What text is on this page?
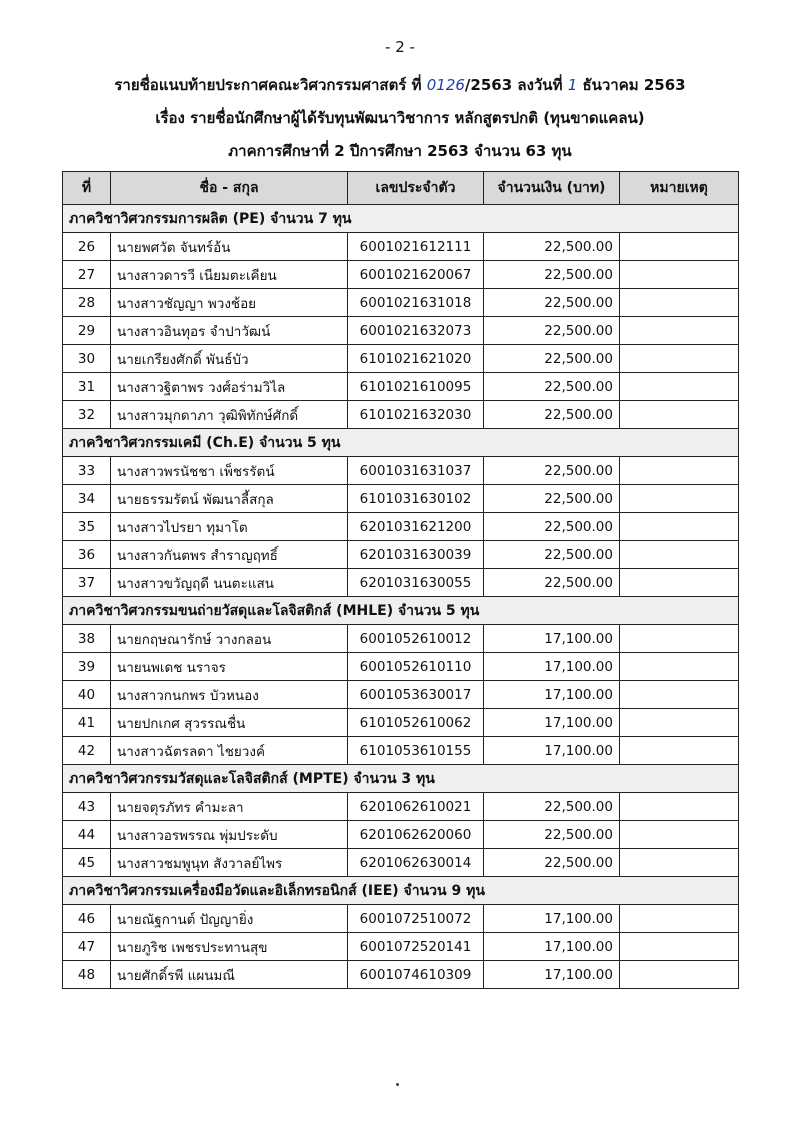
- 2 -
รายชื่อแนบท้ายประกาศคณะวิศวกรรมศาสตร์ ที่ 0126/2563 ลงวันที่ 1 ธันวาคม 2563
เรื่อง รายชื่อนักศึกษาผู้ได้รับทุนพัฒนาวิชาการ หลักสูตรปกติ (ทุนขาดแคลน)
ภาคการศึกษาที่ 2 ปีการศึกษา 2563 จำนวน 63 ทุน
ที่	ชื่อ - สกุล	เลขประจำตัว	จำนวนเงิน (บาท)	หมายเหตุ
ภาควิชาวิศวกรรมการผลิต (PE) จำนวน 7 ทุน				
26	นายพศวัต จันทร์อ้น	6001021612111	22,500.00	
27	นางสาวดารวี เนียมตะเคียน	6001021620067	22,500.00	
28	นางสาวชัญญา พวงช้อย	6001021631018	22,500.00	
29	นางสาวอินทุอร จำปาวัฒน์	6001021632073	22,500.00	
30	นายเกรียงศักดิ์ พันธ์บัว	6101021621020	22,500.00	
31	นางสาวฐิตาพร วงศ์อร่ามวิไล	6101021610095	22,500.00	
32	นางสาวมุกดาภา วุฒิพิทักษ์ศักดิ์	6101021632030	22,500.00	
ภาควิชาวิศวกรรมเคมี (Ch.E) จำนวน 5 ทุน				
33	นางสาวพรนัชชา เพ็ชรรัตน์	6001031631037	22,500.00	
34	นายธรรมรัตน์ พัฒนาลี้สกุล	6101031630102	22,500.00	
35	นางสาวไปรยา ทุมาโต	6201031621200	22,500.00	
36	นางสาวกันตพร สำราญฤทธิ์	6201031630039	22,500.00	
37	นางสาวขวัญฤดี นนตะแสน	6201031630055	22,500.00	
ภาควิชาวิศวกรรมขนถ่ายวัสดุและโลจิสติกส์ (MHLE) จำนวน 5 ทุน				
38	นายกฤษณารักษ์ วางกลอน	6001052610012	17,100.00	
39	นายนพเดช นราจร	6001052610110	17,100.00	
40	นางสาวกนกพร บัวหนอง	6001053630017	17,100.00	
41	นายปกเกศ สุวรรณชื่น	6101052610062	17,100.00	
42	นางสาวฉัตรลดา ไชยวงค์	6101053610155	17,100.00	
ภาควิชาวิศวกรรมวัสดุและโลจิสติกส์ (MPTE) จำนวน 3 ทุน				
43	นายจตุรภัทร คำมะลา	6201062610021	22,500.00	
44	นางสาวอรพรรณ พุ่มประดับ	6201062620060	22,500.00	
45	นางสาวชมพูนุท สังวาลย์ไพร	6201062630014	22,500.00	
ภาควิชาวิศวกรรมเครื่องมือวัดและอิเล็กทรอนิกส์ (IEE) จำนวน 9 ทุน				
46	นายณัฐกานต์ ปัญญายิ่ง	6001072510072	17,100.00	
47	นายภูริช เพชรประทานสุข	6001072520141	17,100.00	
48	นายศักดิ์รพี แผนมณี	6001074610309	17,100.00	
